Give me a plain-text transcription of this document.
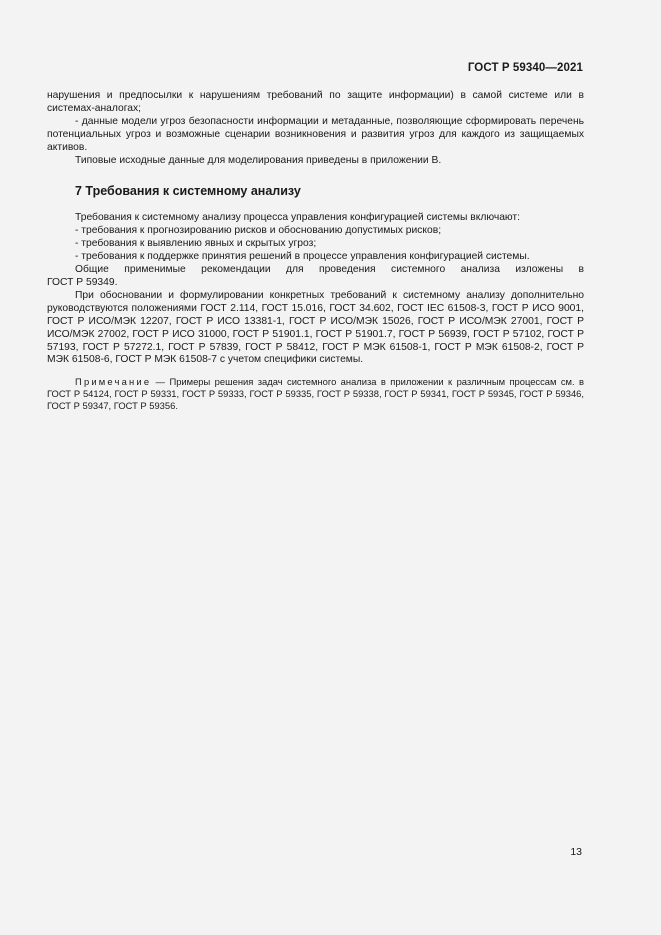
ГОСТ Р 59340—2021

нарушения и предпосылки к нарушениям требований по защите информации) в самой системе или в системах-аналогах;

- данные модели угроз безопасности информации и метаданные, позволяющие сформировать перечень потенциальных угроз и возможные сценарии возникновения и развития угроз для каждого из защищаемых активов.

Типовые исходные данные для моделирования приведены в приложении В.

7 Требования к системному анализу

Требования к системному анализу процесса управления конфигурацией системы включают:

- требования к прогнозированию рисков и обоснованию допустимых рисков;

- требования к выявлению явных и скрытых угроз;

- требования к поддержке принятия решений в процессе управления конфигурацией системы.

Общие применимые рекомендации для проведения системного анализа изложены в

ГОСТ Р 59349.

При обосновании и формулировании конкретных требований к системному анализу дополнительно руководствуются положениями ГОСТ 2.114, ГОСТ 15.016, ГОСТ 34.602, ГОСТ IEC 61508-3, ГОСТ Р ИСО 9001, ГОСТ Р ИСО/МЭК 12207, ГОСТ Р ИСО 13381-1, ГОСТ Р ИСО/МЭК 15026, ГОСТ Р ИСО/МЭК 27001, ГОСТ Р ИСО/МЭК 27002, ГОСТ Р ИСО 31000, ГОСТ Р 51901.1, ГОСТ Р 51901.7, ГОСТ Р 56939, ГОСТ Р 57102, ГОСТ Р 57193, ГОСТ Р 57272.1, ГОСТ Р 57839, ГОСТ Р 58412, ГОСТ Р МЭК 61508-1, ГОСТ Р МЭК 61508-2, ГОСТ Р МЭК 61508-6, ГОСТ Р МЭК 61508-7 с учетом специфики системы.

Примечание — Примеры решения задач системного анализа в приложении к различным процессам см. в ГОСТ Р 54124, ГОСТ Р 59331, ГОСТ Р 59333, ГОСТ Р 59335, ГОСТ Р 59338, ГОСТ Р 59341, ГОСТ Р 59345, ГОСТ Р 59346, ГОСТ Р 59347, ГОСТ Р 59356.

13
